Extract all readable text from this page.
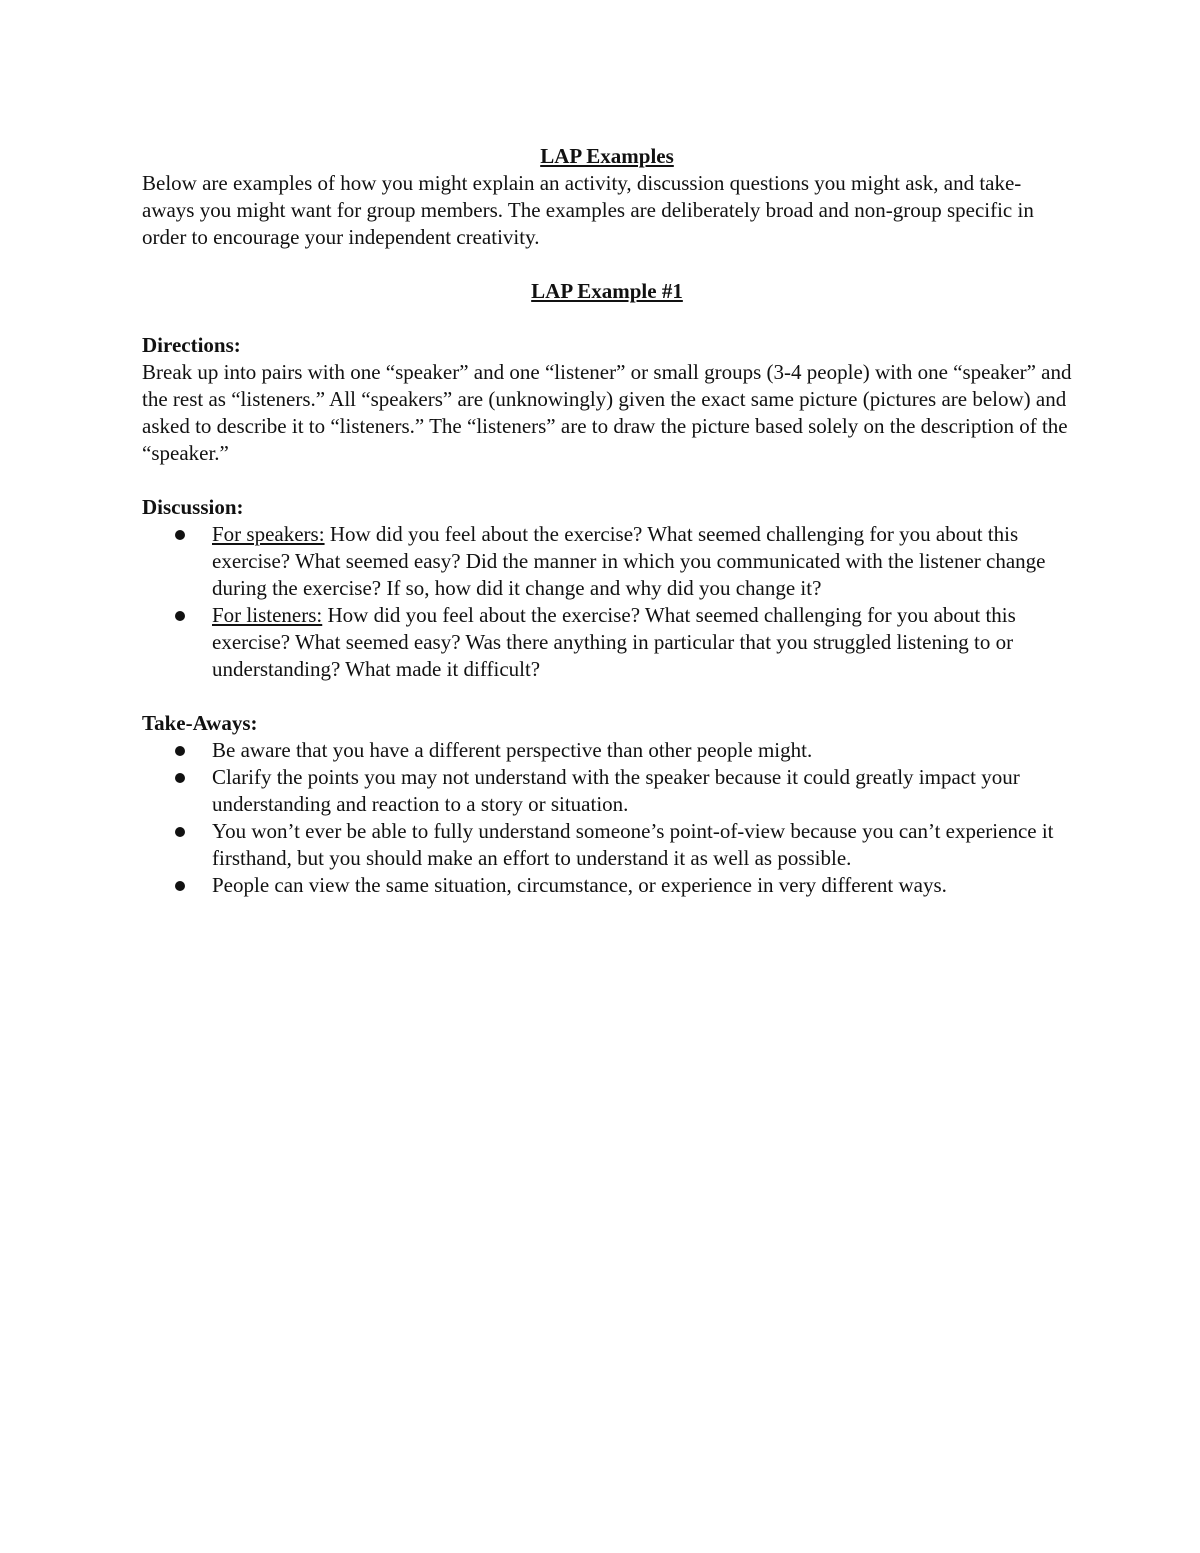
LAP Examples

Below are examples of how you might explain an activity, discussion questions you might ask, and take-aways you might want for group members. The examples are deliberately broad and non-group specific in order to encourage your independent creativity.

LAP Example #1

Directions:

Break up into pairs with one “speaker” and one “listener” or small groups (3-4 people) with one “speaker” and the rest as “listeners.” All “speakers” are (unknowingly) given the exact same picture (pictures are below) and asked to describe it to “listeners.” The “listeners” are to draw the picture based solely on the description of the “speaker.”

Discussion:

For speakers: How did you feel about the exercise? What seemed challenging for you about this exercise? What seemed easy? Did the manner in which you communicated with the listener change during the exercise? If so, how did it change and why did you change it?
For listeners: How did you feel about the exercise? What seemed challenging for you about this exercise? What seemed easy? Was there anything in particular that you struggled listening to or understanding? What made it difficult?

Take-Aways:

Be aware that you have a different perspective than other people might.
Clarify the points you may not understand with the speaker because it could greatly impact your understanding and reaction to a story or situation.
You won’t ever be able to fully understand someone’s point-of-view because you can’t experience it firsthand, but you should make an effort to understand it as well as possible.
People can view the same situation, circumstance, or experience in very different ways.
